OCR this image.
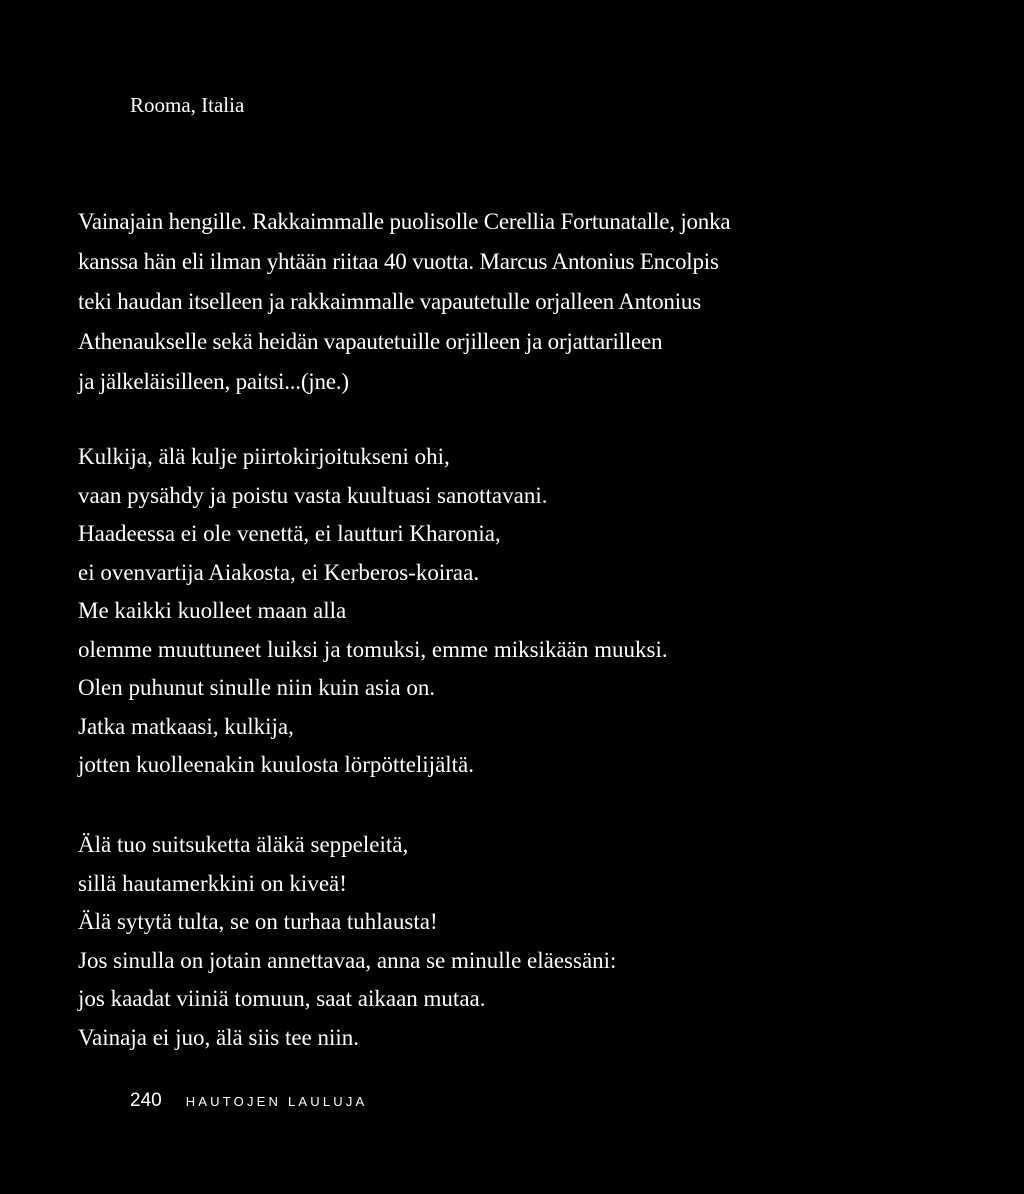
Rooma, Italia

Vainajain hengille. Rakkaimmalle puolisolle Cerellia Fortunatalle, jonka
kanssa hän eli ilman yhtään riitaa 40 vuotta. Marcus Antonius Encolpis
teki haudan itselleen ja rakkaimmalle vapautetulle orjalleen Antonius
Athenaukselle sekä heidän vapautetuille orjilleen ja orjattarilleen
ja jälkeläisilleen, paitsi...(jne.)

Kulkija, älä kulje piirtokirjoitukseni ohi,
vaan pysähdy ja poistu vasta kuultuasi sanottavani.
Haadeessa ei ole venettä, ei lautturi Kharonia,
ei ovenvartija Aiakosta, ei Kerberos-koiraa.
Me kaikki kuolleet maan alla
olemme muuttuneet luiksi ja tomuksi, emme miksikään muuksi.
Olen puhunut sinulle niin kuin asia on.
Jatka matkaasi, kulkija,
jotten kuolleenakin kuulosta lörpöttelijältä.

Älä tuo suitsuketta äläkä seppeleitä,
sillä hautamerkkini on kiveä!
Älä sytytä tulta, se on turhaa tuhlausta!
Jos sinulla on jotain annettavaa, anna se minulle eläessäni:
jos kaadat viiniä tomuun, saat aikaan mutaa.
Vainaja ei juo, älä siis tee niin.

240 HAUTOJEN LAULUJA
